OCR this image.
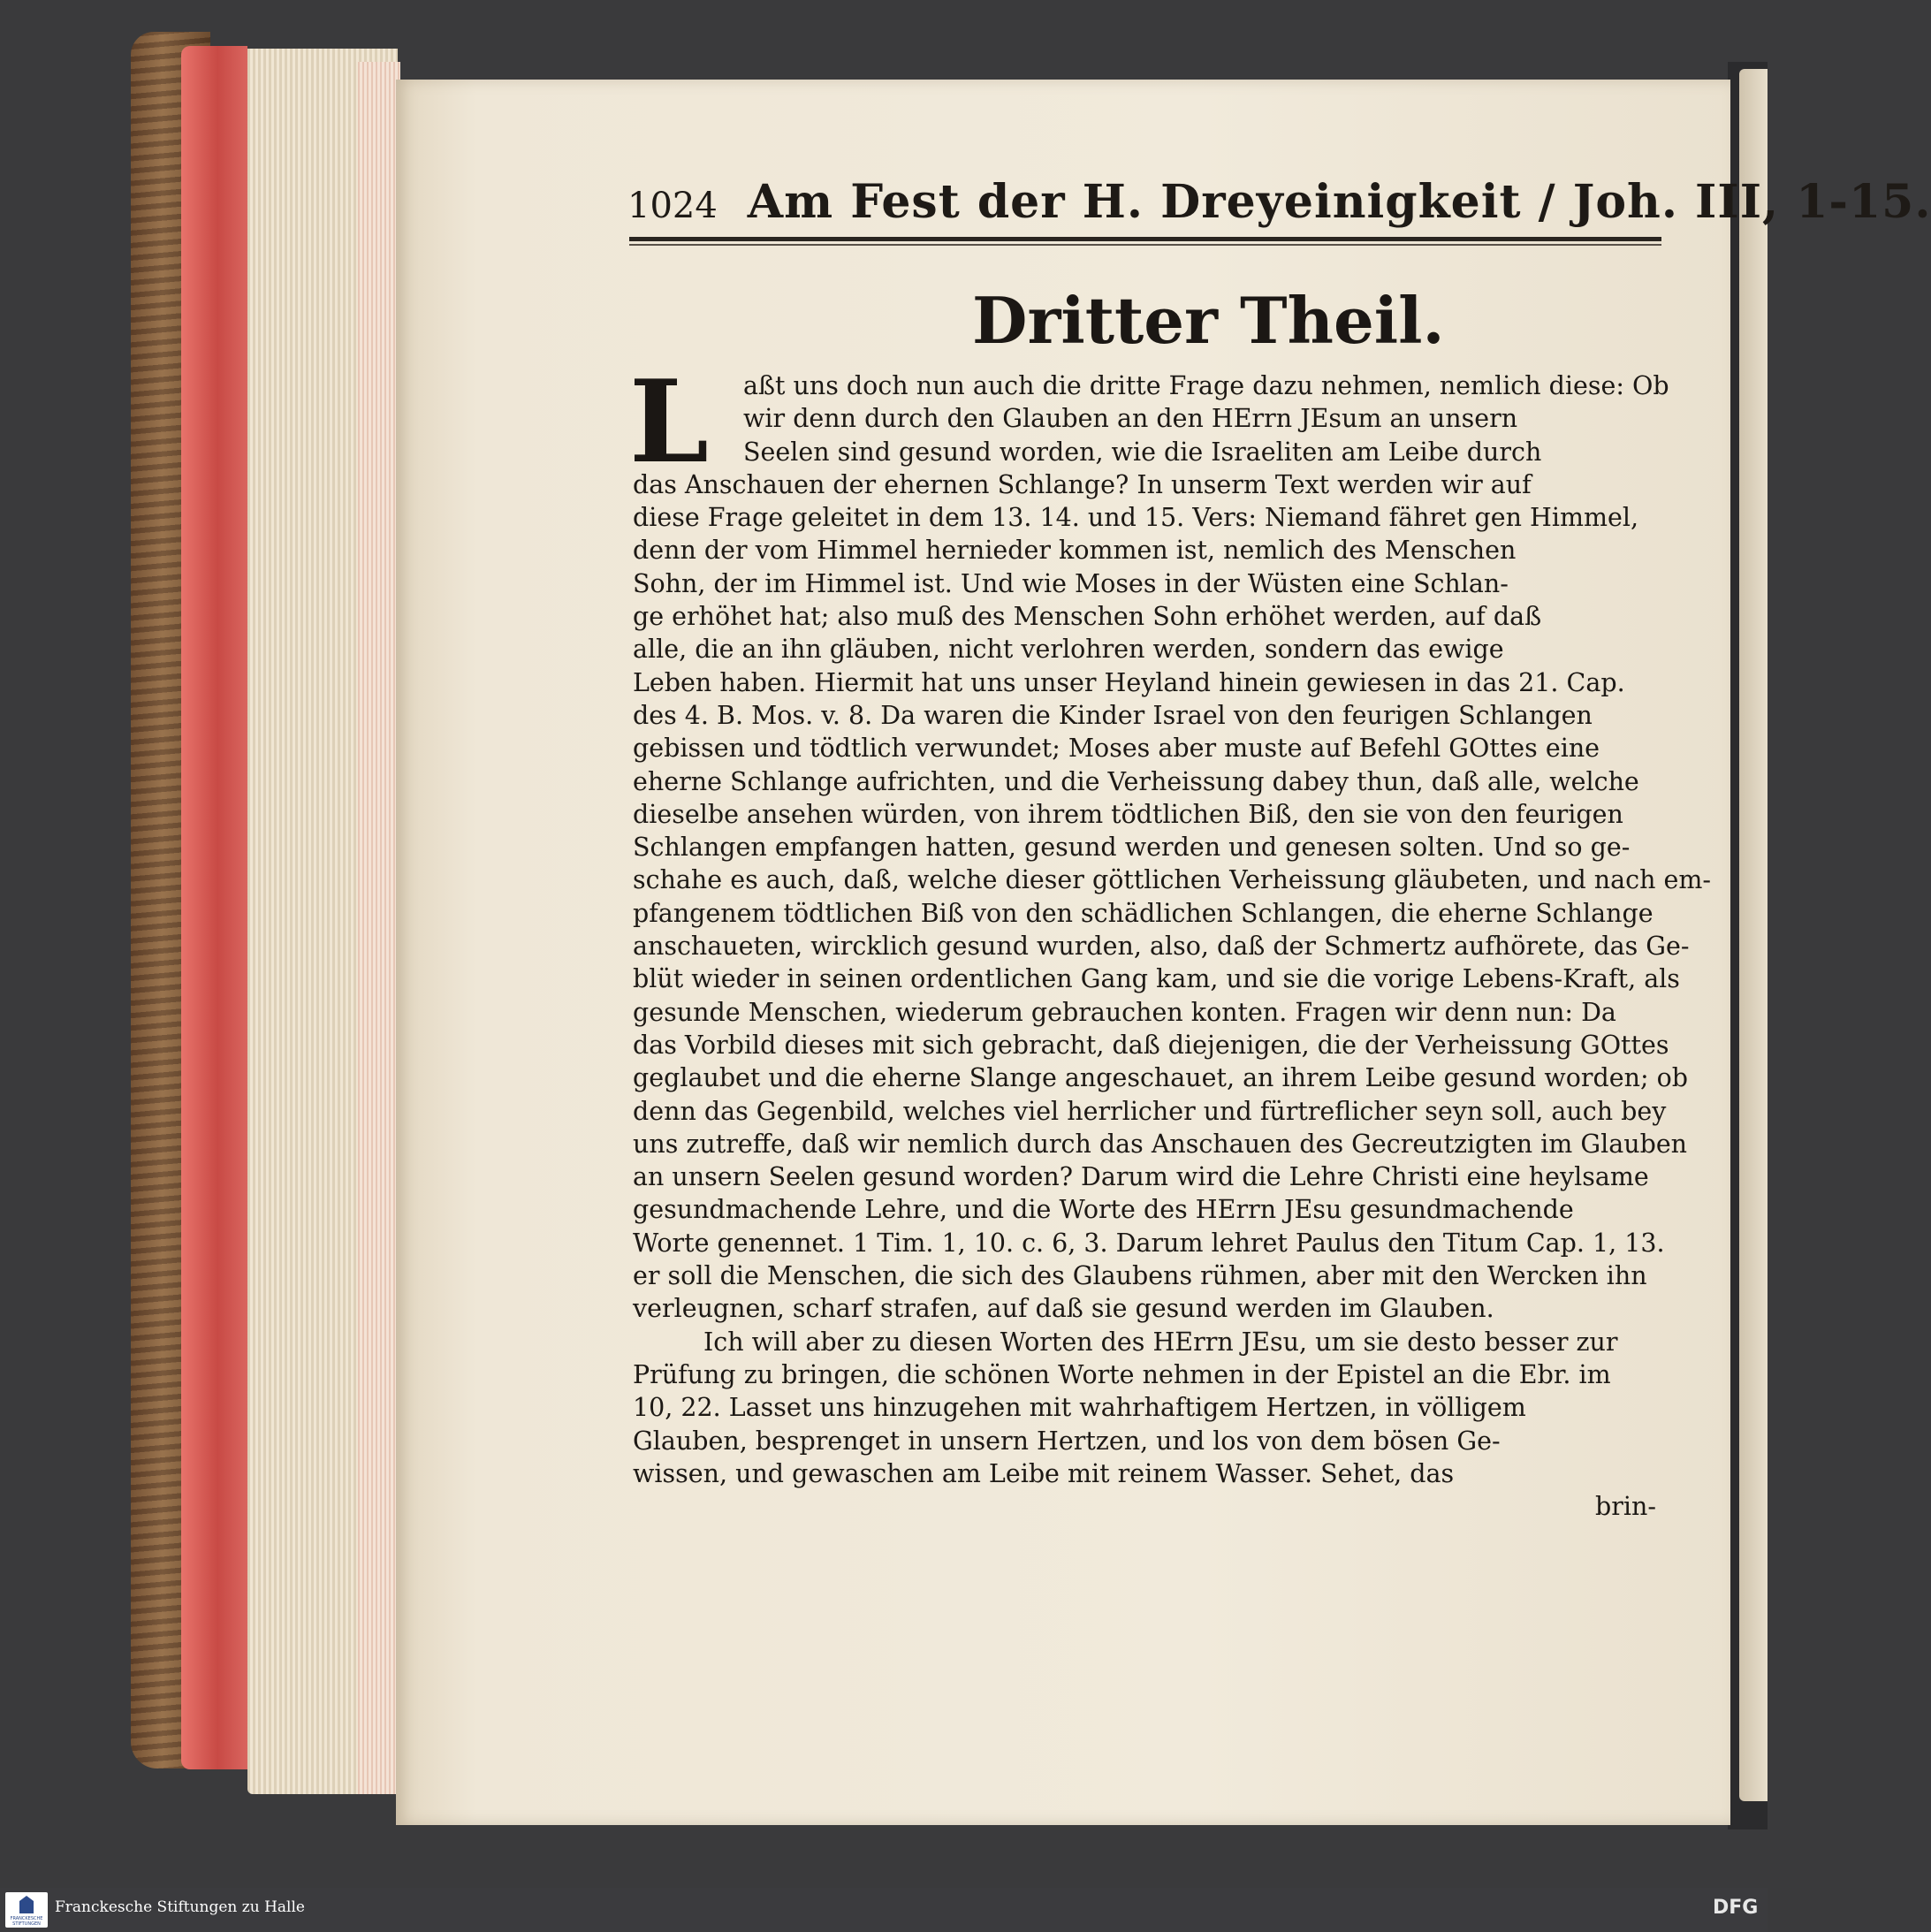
1024 Am Fest der H. Dreyeinigkeit / Joh. III, 1-15.
Dritter Theil.
L	aßt uns doch nun auch die dritte Frage dazu nehmen, nemlich diese: Ob
wir denn durch den Glauben an den HErrn JEsum an unsern
Seelen sind gesund worden, wie die Israeliten am Leibe durch
das Anschauen der ehernen Schlange? In unserm Text werden wir auf
diese Frage geleitet in dem 13. 14. und 15. Vers: Niemand fähret gen Himmel,
denn der vom Himmel hernieder kommen ist, nemlich des Menschen
Sohn, der im Himmel ist. Und wie Moses in der Wüsten eine Schlan-
ge erhöhet hat; also muß des Menschen Sohn erhöhet werden, auf daß
alle, die an ihn gläuben, nicht verlohren werden, sondern das ewige
Leben haben. Hiermit hat uns unser Heyland hinein gewiesen in das 21. Cap.
des 4. B. Mos. v. 8. Da waren die Kinder Israel von den feurigen Schlangen
gebissen und tödtlich verwundet; Moses aber muste auf Befehl GOttes eine
eherne Schlange aufrichten, und die Verheissung dabey thun, daß alle, welche
dieselbe ansehen würden, von ihrem tödtlichen Biß, den sie von den feurigen
Schlangen empfangen hatten, gesund werden und genesen solten. Und so ge-
schahe es auch, daß, welche dieser göttlichen Verheissung gläubeten, und nach em-
pfangenem tödtlichen Biß von den schädlichen Schlangen, die eherne Schlange
anschaueten, wircklich gesund wurden, also, daß der Schmertz aufhörete, das Ge-
blüt wieder in seinen ordentlichen Gang kam, und sie die vorige Lebens-Kraft, als
gesunde Menschen, wiederum gebrauchen konten. Fragen wir denn nun: Da
das Vorbild dieses mit sich gebracht, daß diejenigen, die der Verheissung GOttes
geglaubet und die eherne Slange angeschauet, an ihrem Leibe gesund worden; ob
denn das Gegenbild, welches viel herrlicher und fürtreflicher seyn soll, auch bey
uns zutreffe, daß wir nemlich durch das Anschauen des Gecreutzigten im Glauben
an unsern Seelen gesund worden? Darum wird die Lehre Christi eine heylsame
gesundmachende Lehre, und die Worte des HErrn JEsu gesundmachende
Worte genennet. 1 Tim. 1, 10. c. 6, 3. Darum lehret Paulus den Titum Cap. 1, 13.
er soll die Menschen, die sich des Glaubens rühmen, aber mit den Wercken ihn
verleugnen, scharf strafen, auf daß sie gesund werden im Glauben.
Ich will aber zu diesen Worten des HErrn JEsu, um sie desto besser zur
Prüfung zu bringen, die schönen Worte nehmen in der Epistel an die Ebr. im
10, 22. Lasset uns hinzugehen mit wahrhaftigem Hertzen, in völligem
Glauben, besprenget in unsern Hertzen, und los von dem bösen Ge-
wissen, und gewaschen am Leibe mit reinem Wasser. Sehet, das
brin-
FRANCKESCHE STIFTUNGEN
Franckesche Stiftungen zu Halle	DFG
